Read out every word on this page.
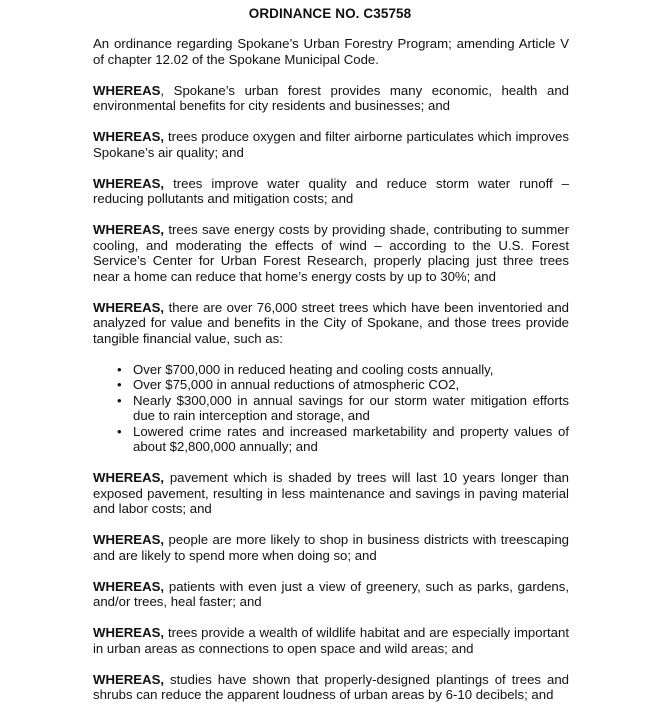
ORDINANCE NO. C35758

An ordinance regarding Spokane’s Urban Forestry Program; amending Article V of chapter 12.02 of the Spokane Municipal Code.

WHEREAS, Spokane’s urban forest provides many economic, health and environmental benefits for city residents and businesses; and

WHEREAS, trees produce oxygen and filter airborne particulates which improves Spokane’s air quality; and

WHEREAS, trees improve water quality and reduce storm water runoff – reducing pollutants and mitigation costs; and

WHEREAS, trees save energy costs by providing shade, contributing to summer cooling, and moderating the effects of wind – according to the U.S. Forest Service’s Center for Urban Forest Research, properly placing just three trees near a home can reduce that home’s energy costs by up to 30%; and

WHEREAS, there are over 76,000 street trees which have been inventoried and analyzed for value and benefits in the City of Spokane, and those trees provide tangible financial value, such as:

• Over $700,000 in reduced heating and cooling costs annually,
• Over $75,000 in annual reductions of atmospheric CO2,
• Nearly $300,000 in annual savings for our storm water mitigation efforts due to rain interception and storage, and
• Lowered crime rates and increased marketability and property values of about $2,800,000 annually; and

WHEREAS, pavement which is shaded by trees will last 10 years longer than exposed pavement, resulting in less maintenance and savings in paving material and labor costs; and

WHEREAS, people are more likely to shop in business districts with treescaping and are likely to spend more when doing so; and

WHEREAS, patients with even just a view of greenery, such as parks, gardens, and/or trees, heal faster; and

WHEREAS, trees provide a wealth of wildlife habitat and are especially important in urban areas as connections to open space and wild areas; and

WHEREAS, studies have shown that properly-designed plantings of trees and shrubs can reduce the apparent loudness of urban areas by 6-10 decibels; and
